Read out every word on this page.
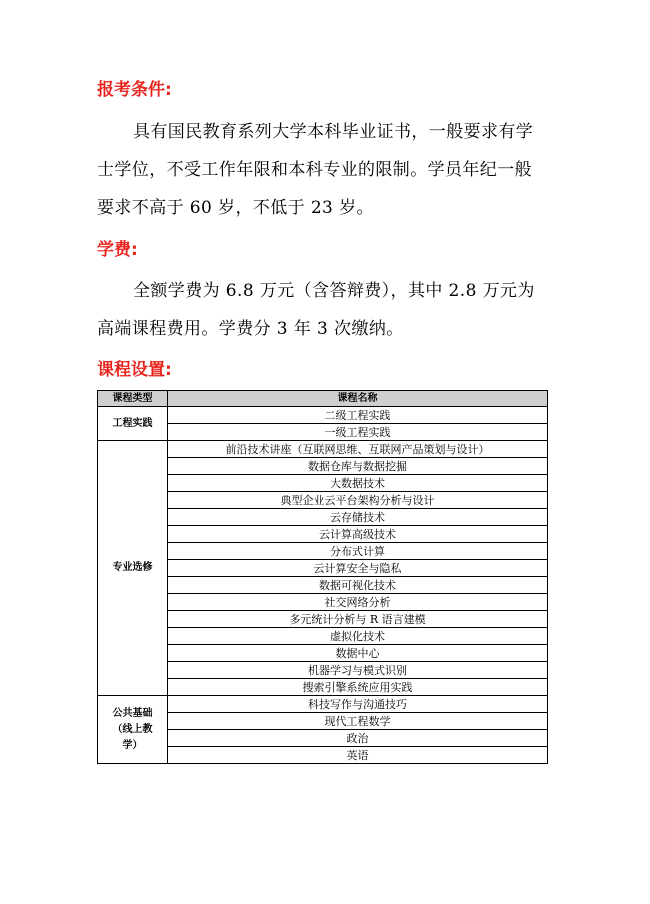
报考条件:

具有国民教育系列大学本科毕业证书，一般要求有学士学位，不受工作年限和本科专业的限制。学员年纪一般要求不高于 60 岁，不低于 23 岁。

学费:

全额学费为 6.8 万元（含答辩费），其中 2.8 万元为高端课程费用。学费分 3 年 3 次缴纳。

课程设置:
课程类型	课程名称
工程实践	二级工程实践
	一级工程实践
专业选修	前沿技术讲座（互联网思维、互联网产品策划与设计）
	数据仓库与数据挖掘
	大数据技术
	典型企业云平台架构分析与设计
	云存储技术
	云计算高级技术
	分布式计算
	云计算安全与隐私
	数据可视化技术
	社交网络分析
	多元统计分析与 R 语言建模
	虚拟化技术
	数据中心
	机器学习与模式识别
	搜索引擎系统应用实践
公共基础（线上教学）	科技写作与沟通技巧
	现代工程数学
	政治
	英语
